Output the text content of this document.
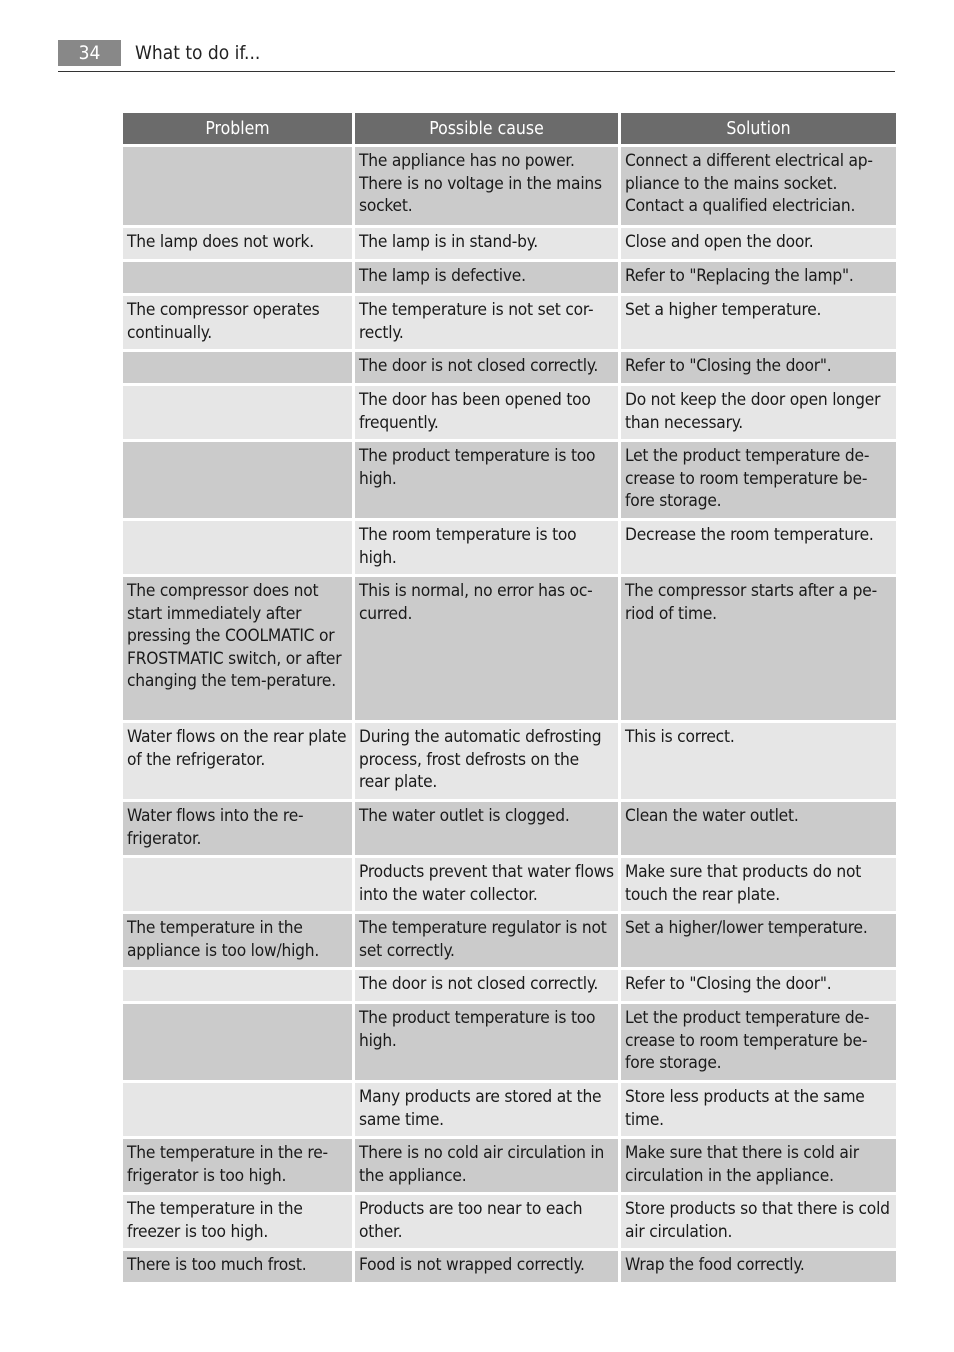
34	What to do if...
Problem	Possible cause	Solution
	The appliance has no power. There is no voltage in the mains socket.	Connect a different electrical ap-pliance to the mains socket. Contact a qualified electrician.
The lamp does not work.	The lamp is in stand-by.	Close and open the door.
	The lamp is defective.	Refer to "Replacing the lamp".
The compressor operates continually.	The temperature is not set cor-rectly.	Set a higher temperature.
	The door is not closed correctly.	Refer to "Closing the door".
	The door has been opened too frequently.	Do not keep the door open longer than necessary.
	The product temperature is too high.	Let the product temperature de-crease to room temperature be-fore storage.
	The room temperature is too high.	Decrease the room temperature.
The compressor does not start immediately after pressing the COOLMATIC or FROSTMATIC switch, or after changing the tem-perature.	This is normal, no error has oc-curred.	The compressor starts after a pe-riod of time.
Water flows on the rear plate of the refrigerator.	During the automatic defrosting process, frost defrosts on the rear plate.	This is correct.
Water flows into the re-frigerator.	The water outlet is clogged.	Clean the water outlet.
	Products prevent that water flows into the water collector.	Make sure that products do not touch the rear plate.
The temperature in the appliance is too low/high.	The temperature regulator is not set correctly.	Set a higher/lower temperature.
	The door is not closed correctly.	Refer to "Closing the door".
	The product temperature is too high.	Let the product temperature de-crease to room temperature be-fore storage.
	Many products are stored at the same time.	Store less products at the same time.
The temperature in the re-frigerator is too high.	There is no cold air circulation in the appliance.	Make sure that there is cold air circulation in the appliance.
The temperature in the freezer is too high.	Products are too near to each other.	Store products so that there is cold air circulation.
There is too much frost.	Food is not wrapped correctly.	Wrap the food correctly.
